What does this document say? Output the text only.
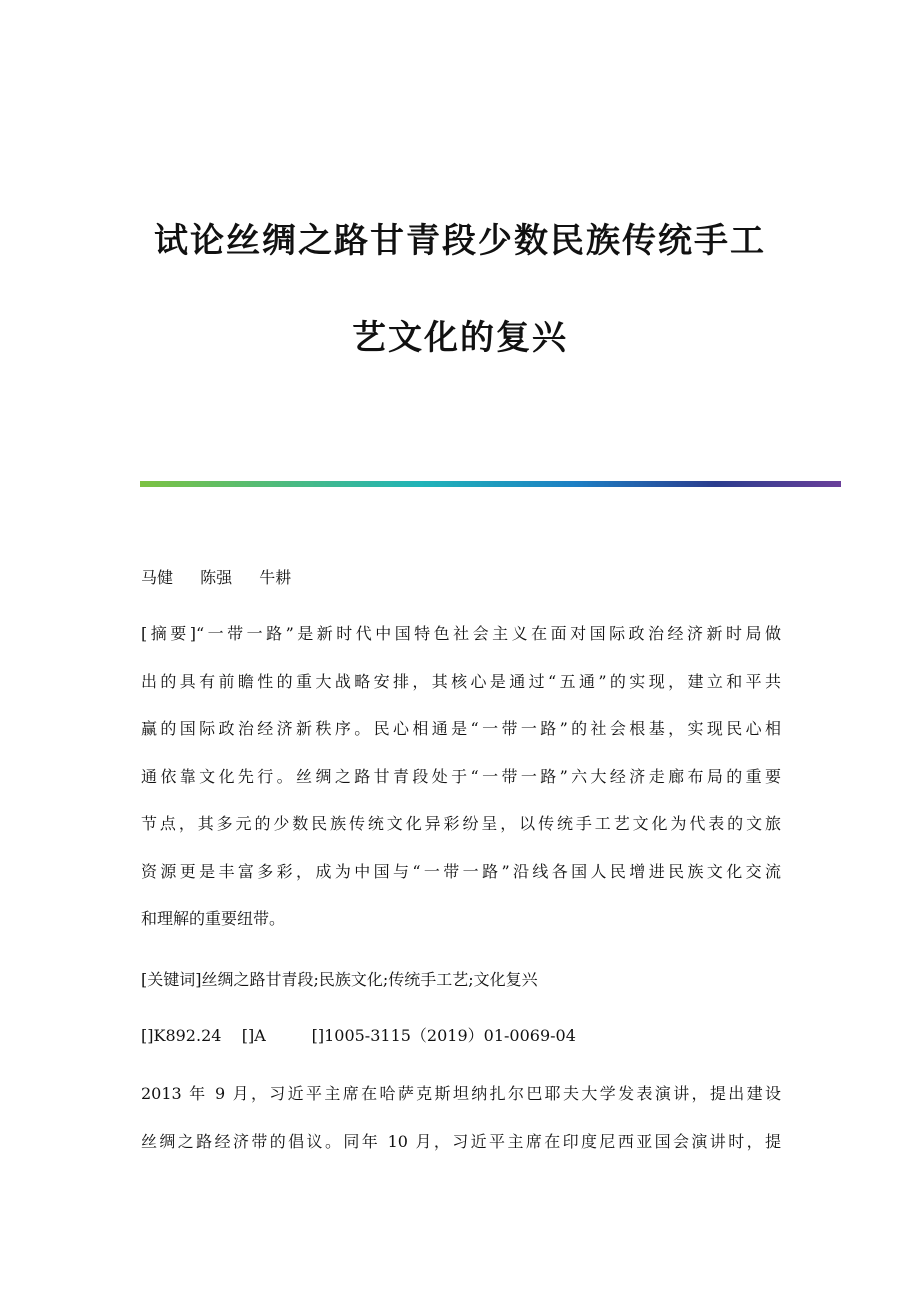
试论丝绸之路甘青段少数民族传统手工
艺文化的复兴
马健 陈强 牛耕
[摘要]“一带一路”是新时代中国特色社会主义在面对国际政治经济新时局做
出的具有前瞻性的重大战略安排，其核心是通过“五通”的实现，建立和平共
赢的国际政治经济新秩序。民心相通是“一带一路”的社会根基，实现民心相
通依靠文化先行。丝绸之路甘青段处于“一带一路”六大经济走廊布局的重要
节点，其多元的少数民族传统文化异彩纷呈，以传统手工艺文化为代表的文旅
资源更是丰富多彩，成为中国与“一带一路”沿线各国人民增进民族文化交流
和理解的重要纽带。
[关键词]丝绸之路甘青段;民族文化;传统手工艺;文化复兴
[]K892.24 []A	[]1005-3115（2019）01-0069-04
2013 年 9 月，习近平主席在哈萨克斯坦纳扎尔巴耶夫大学发表演讲，提出建设
丝绸之路经济带的倡议。同年 10 月，习近平主席在印度尼西亚国会演讲时，提
